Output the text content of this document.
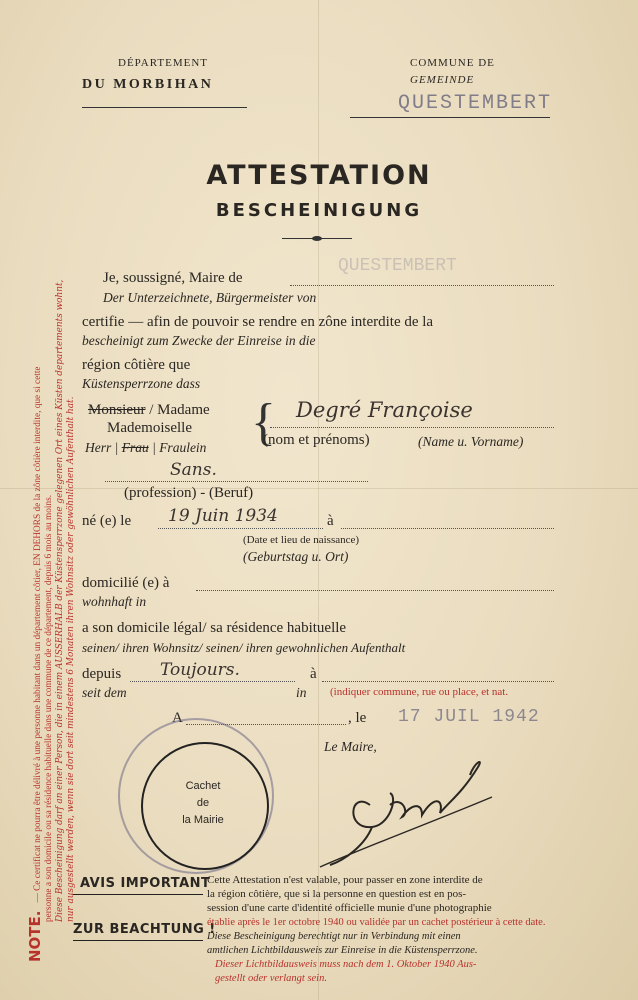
NOTE.— Ce certificat ne pourra être délivré à une personne habitant dans un département côtier, EN DEHORS de la zône côtière interdite, que si cette personne a son domicile ou sa résidence habituelle dans une commune de ce département, depuis 6 mois au moins. Diese Bescheinigung darf an einer Person, die in einem AUSSERHALB der Küstensperrzone gelegenen Ort eines Küsten departements wohnt, nur ausgestellt werden, wenn sie dort seit mindestens 6 Monaten ihren Wohnsitz oder gewöhnlichen Aufenthalt hat.
DÉPARTEMENT
DU MORBIHAN
COMMUNE DE
GEMEINDE
QUESTEMBERT
ATTESTATION
BESCHEINIGUNG
Je, soussigné, Maire de
QUESTEMBERT
Der Unterzeichnete, Bürgermeister von
certifie — afin de pouvoir se rendre en zône interdite de la
bescheinigt zum Zwecke der Einreise in die
région côtière que
Küstensperrzone dass
Monsieur / Madame
Mademoiselle
Herr | Frau | Fraulein { Degré Françoise
(nom et prénoms)	(Name u. Vorname)
Sans.
(profession) - (Beruf)
né (e) le 19 Juin 1934	à
(Date et lieu de naissance)
(Geburtstag u. Ort)
domicilié (e) à
wohnhaft in
a son domicile légal/ sa résidence habituelle
seinen/ ihren Wohnsitz/ seinen/ ihren gewohnlichen Aufenthalt
depuis Toujours.	à
seit dem	in (indiquer commune, rue ou place, et nat.
A	, le 17 JUIL 1942
Le Maire,
Cachet
de
la Mairie
AVIS IMPORTANT
ZUR BEACHTUNG !
Cette Attestation n'est valable, pour passer en zone interdite de
la région côtière, que si la personne en question est en pos-
session d'une carte d'identité officielle munie d'une photographie
établie après le 1er octobre 1940 ou validée par un cachet postérieur à cette date.
Diese Bescheinigung berechtigt nur in Verbindung mit einen
amtlichen Lichtbildausweis zur Einreise in die Küstensperrzone.
Dieser Lichtbildausweis muss nach dem 1. Oktober 1940 Aus-
gestellt oder verlangt sein.
